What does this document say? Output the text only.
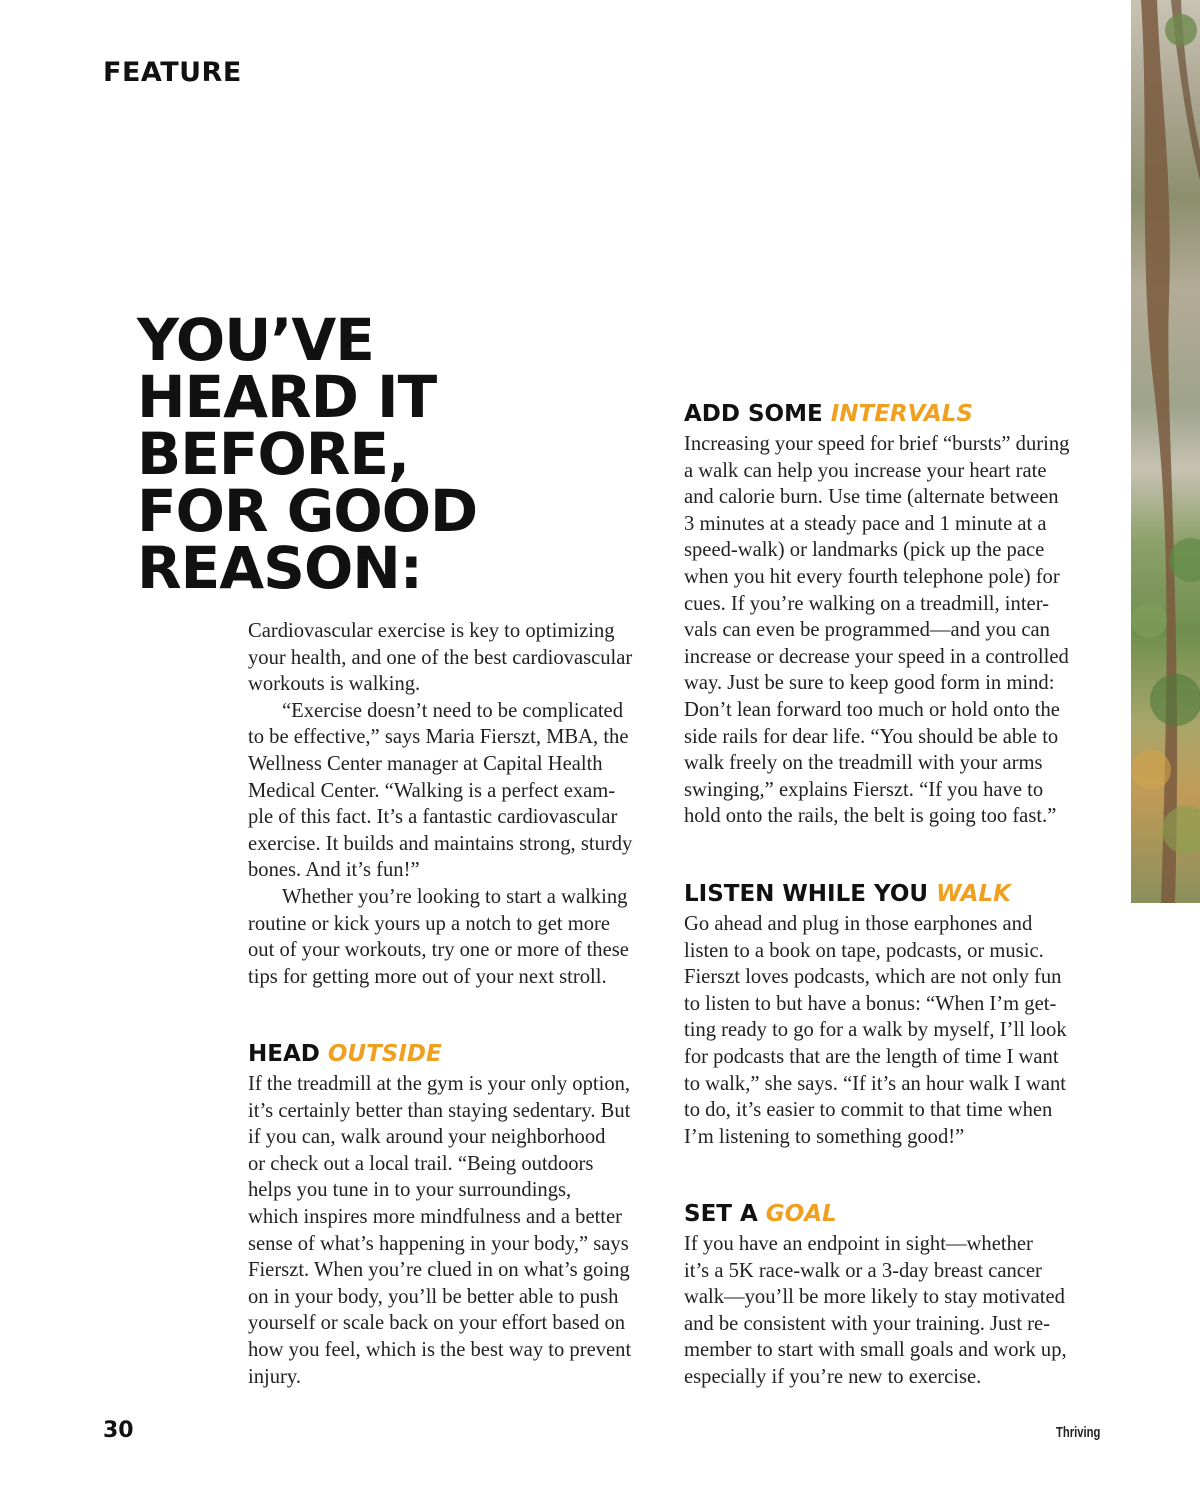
FEATURE
YOU’VE
HEARD IT
BEFORE,
FOR GOOD
REASON:
Cardiovascular exercise is key to optimizing
your health, and one of the best cardiovascular
workouts is walking.
“Exercise doesn’t need to be complicated
to be effective,” says Maria Fierszt, MBA, the
Wellness Center manager at Capital Health
Medical Center. “Walking is a perfect exam-
ple of this fact. It’s a fantastic cardiovascular
exercise. It builds and maintains strong, sturdy
bones. And it’s fun!”
Whether you’re looking to start a walking
routine or kick yours up a notch to get more
out of your workouts, try one or more of these
tips for getting more out of your next stroll.
HEAD OUTSIDE
If the treadmill at the gym is your only option,
it’s certainly better than staying sedentary. But
if you can, walk around your neighborhood
or check out a local trail. “Being outdoors
helps you tune in to your surroundings,
which inspires more mindfulness and a better
sense of what’s happening in your body,” says
Fierszt. When you’re clued in on what’s going
on in your body, you’ll be better able to push
yourself or scale back on your effort based on
how you feel, which is the best way to prevent
injury.
ADD SOME INTERVALS
Increasing your speed for brief “bursts” during
a walk can help you increase your heart rate
and calorie burn. Use time (alternate between
3 minutes at a steady pace and 1 minute at a
speed-walk) or landmarks (pick up the pace
when you hit every fourth telephone pole) for
cues. If you’re walking on a treadmill, inter-
vals can even be programmed—and you can
increase or decrease your speed in a controlled
way. Just be sure to keep good form in mind:
Don’t lean forward too much or hold onto the
side rails for dear life. “You should be able to
walk freely on the treadmill with your arms
swinging,” explains Fierszt. “If you have to
hold onto the rails, the belt is going too fast.”
LISTEN WHILE YOU WALK
Go ahead and plug in those earphones and
listen to a book on tape, podcasts, or music.
Fierszt loves podcasts, which are not only fun
to listen to but have a bonus: “When I’m get-
ting ready to go for a walk by myself, I’ll look
for podcasts that are the length of time I want
to walk,” she says. “If it’s an hour walk I want
to do, it’s easier to commit to that time when
I’m listening to something good!”
SET A GOAL
If you have an endpoint in sight—whether
it’s a 5K race-walk or a 3-day breast cancer
walk—you’ll be more likely to stay motivated
and be consistent with your training. Just re-
member to start with small goals and work up,
especially if you’re new to exercise.
30	Thriving
